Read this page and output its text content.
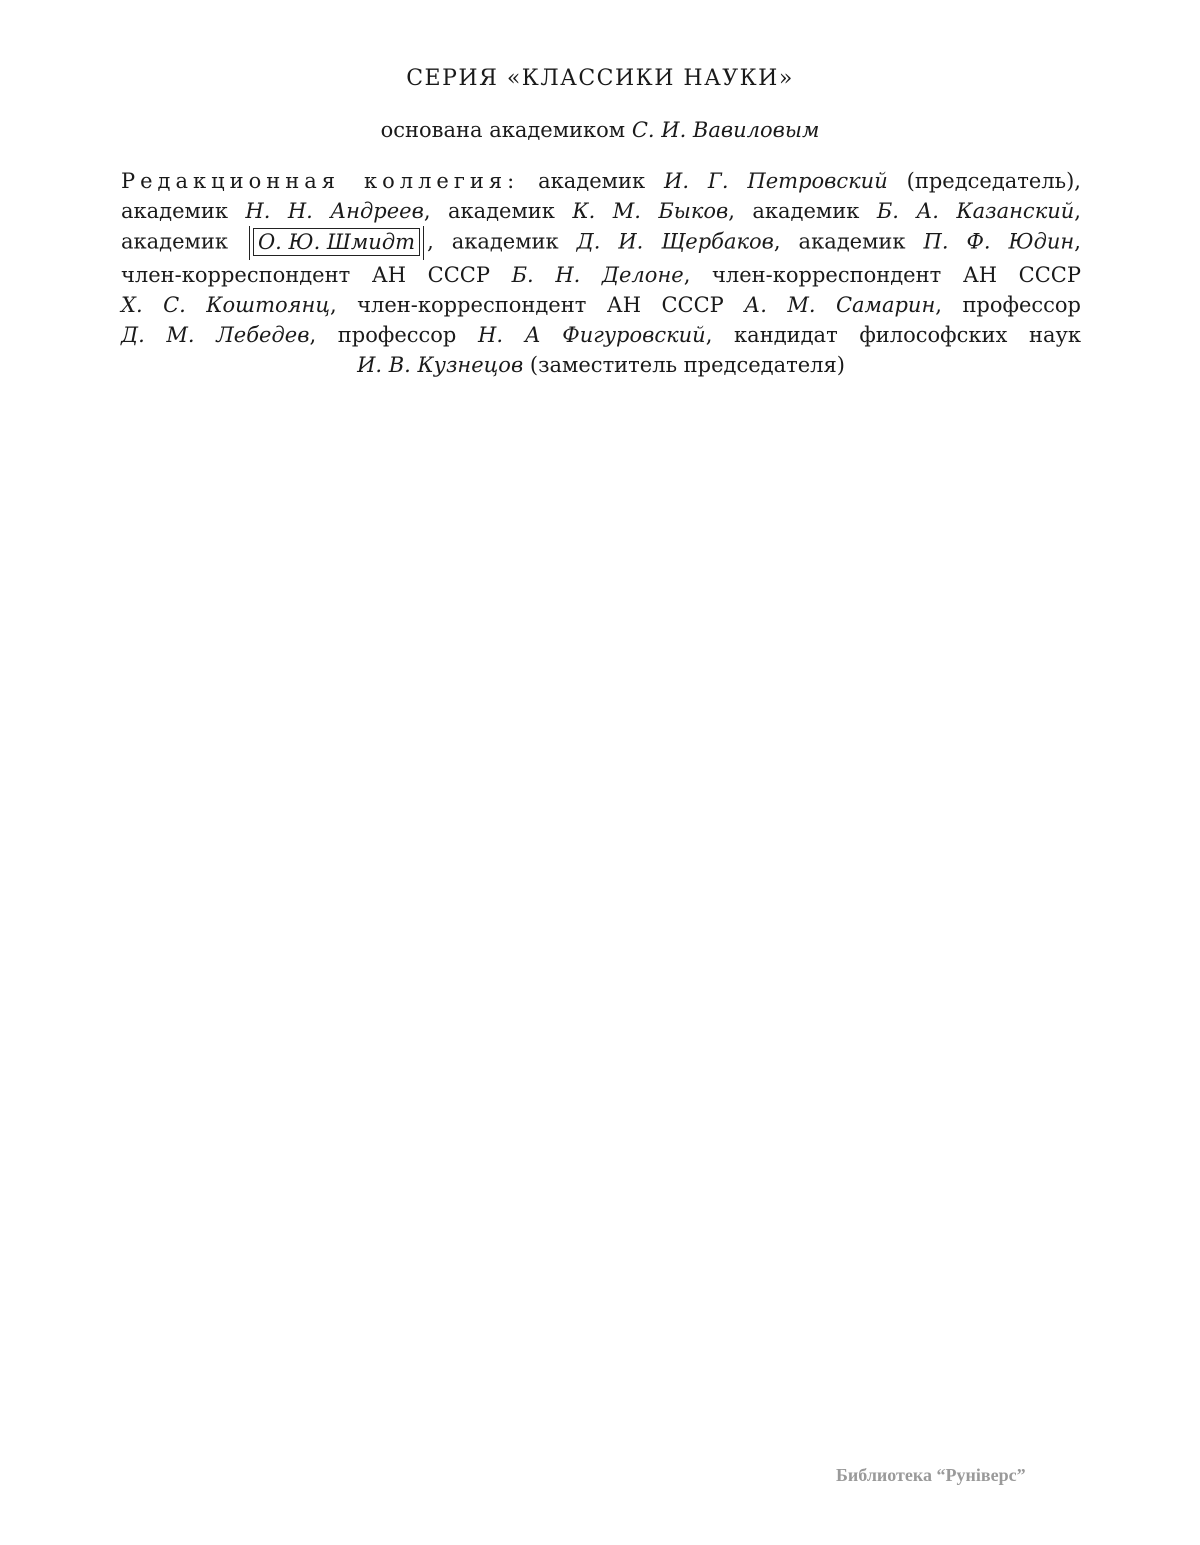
СЕРИЯ «КЛАССИКИ НАУКИ»
основана академиком С. И. Вавиловым
Редакционная коллегия: академик И. Г. Петровский (председатель),
академик Н. Н. Андреев, академик К. М. Быков, академик Б. А. Казанский,
академик О. Ю. Шмидт , академик Д. И. Щербаков, академик П. Ф. Юдин,
член-корреспондент АН СССР Б. Н. Делоне, член-корреспондент АН СССР
Х. С. Коштоянц, член-корреспондент АН СССР А. М. Самарин, профессор
Д. М. Лебедев, профессор Н. А Фигуровский, кандидат философских наук
И. В. Кузнецов (заместитель председателя)
Библиотека “Рунiверс”
